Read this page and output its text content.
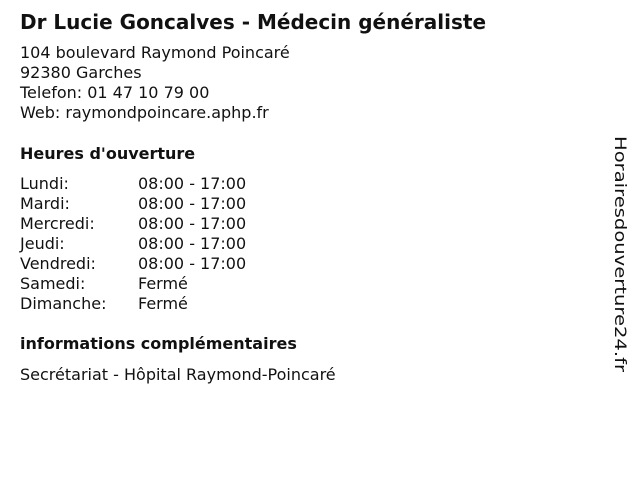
Dr Lucie Goncalves - Médecin généraliste
104 boulevard Raymond Poincaré
92380 Garches
Telefon: 01 47 10 79 00
Web: raymondpoincare.aphp.fr
Heures d'ouverture
Lundi:	08:00 - 17:00
Mardi:	08:00 - 17:00
Mercredi:	08:00 - 17:00
Jeudi:	08:00 - 17:00
Vendredi:	08:00 - 17:00
Samedi:	Fermé
Dimanche:	Fermé
informations complémentaires
Secrétariat - Hôpital Raymond-Poincaré
Horairesdouverture24.fr
